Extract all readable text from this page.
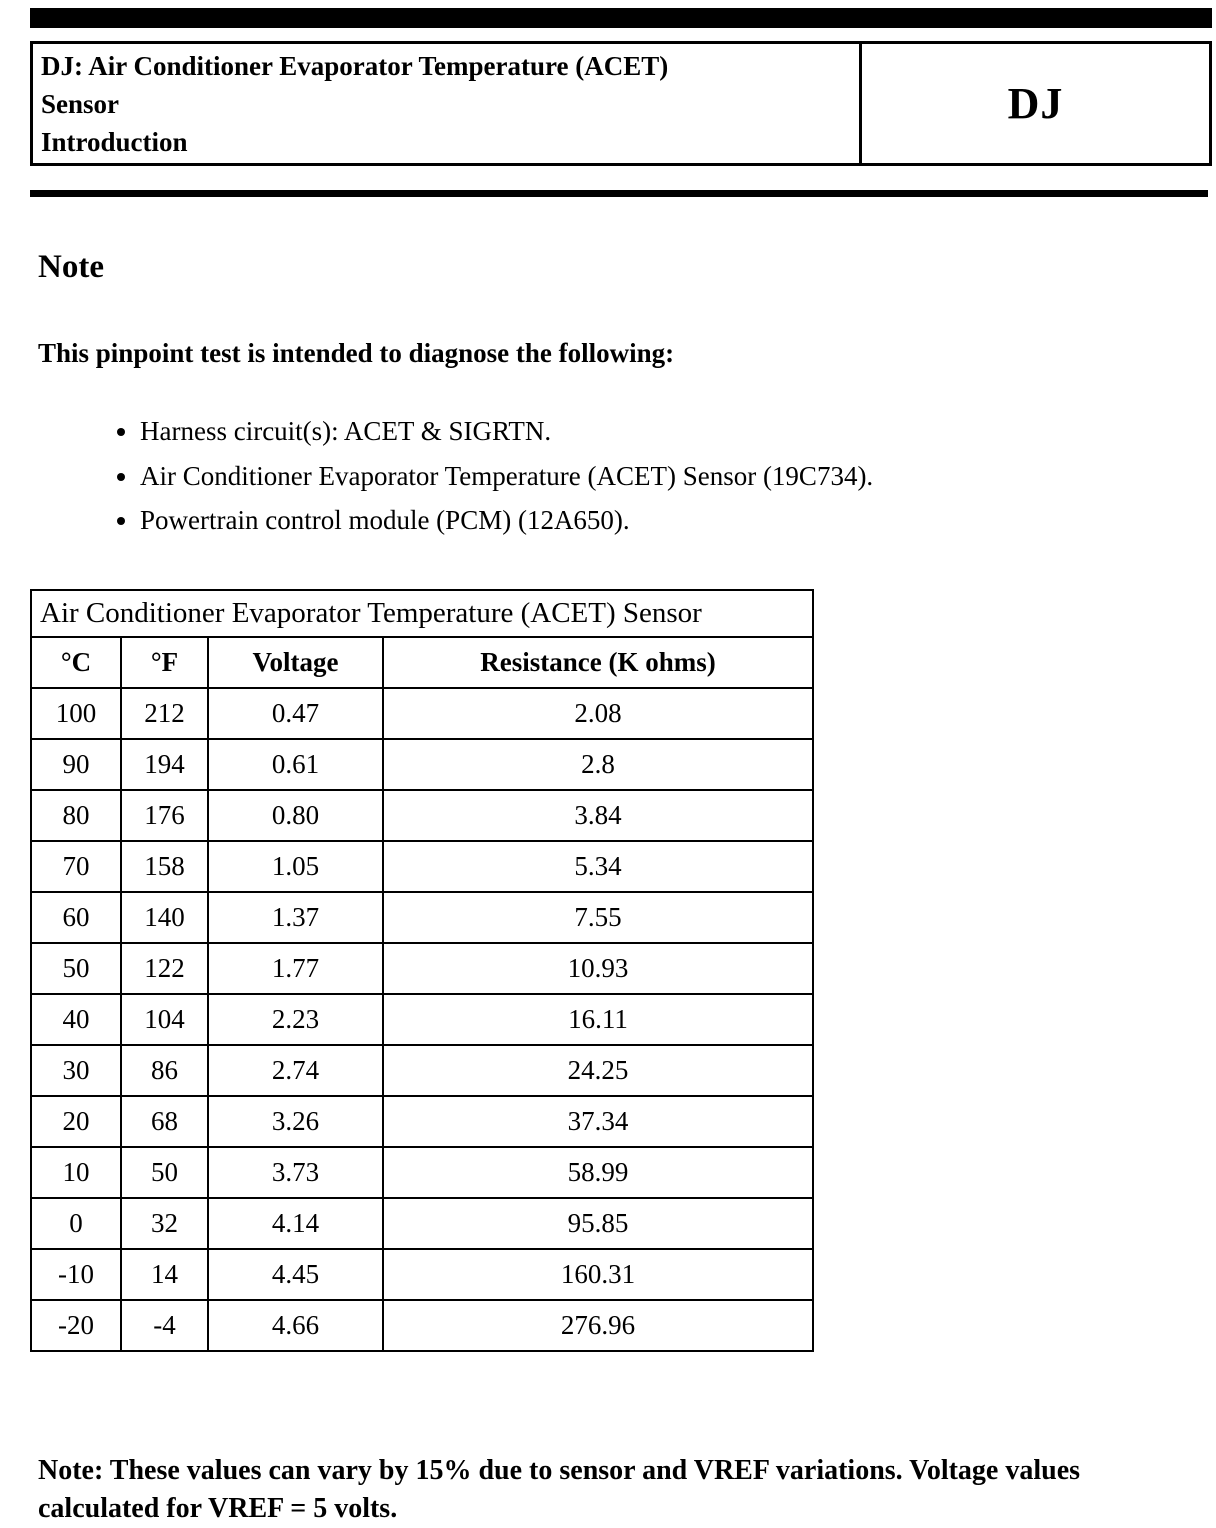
DJ: Air Conditioner Evaporator Temperature (ACET)
Sensor
Introduction
DJ
Note
This pinpoint test is intended to diagnose the following:
• Harness circuit(s): ACET & SIGRTN.
• Air Conditioner Evaporator Temperature (ACET) Sensor (19C734).
• Powertrain control module (PCM) (12A650).
Air Conditioner Evaporator Temperature (ACET) Sensor			
°C	°F	Voltage	Resistance (K ohms)
100	212	0.47	2.08
90	194	0.61	2.8
80	176	0.80	3.84
70	158	1.05	5.34
60	140	1.37	7.55
50	122	1.77	10.93
40	104	2.23	16.11
30	86	2.74	24.25
20	68	3.26	37.34
10	50	3.73	58.99
0	32	4.14	95.85
-10	14	4.45	160.31
-20	-4	4.66	276.96
Note: These values can vary by 15% due to sensor and VREF variations. Voltage values calculated for VREF = 5 volts.
